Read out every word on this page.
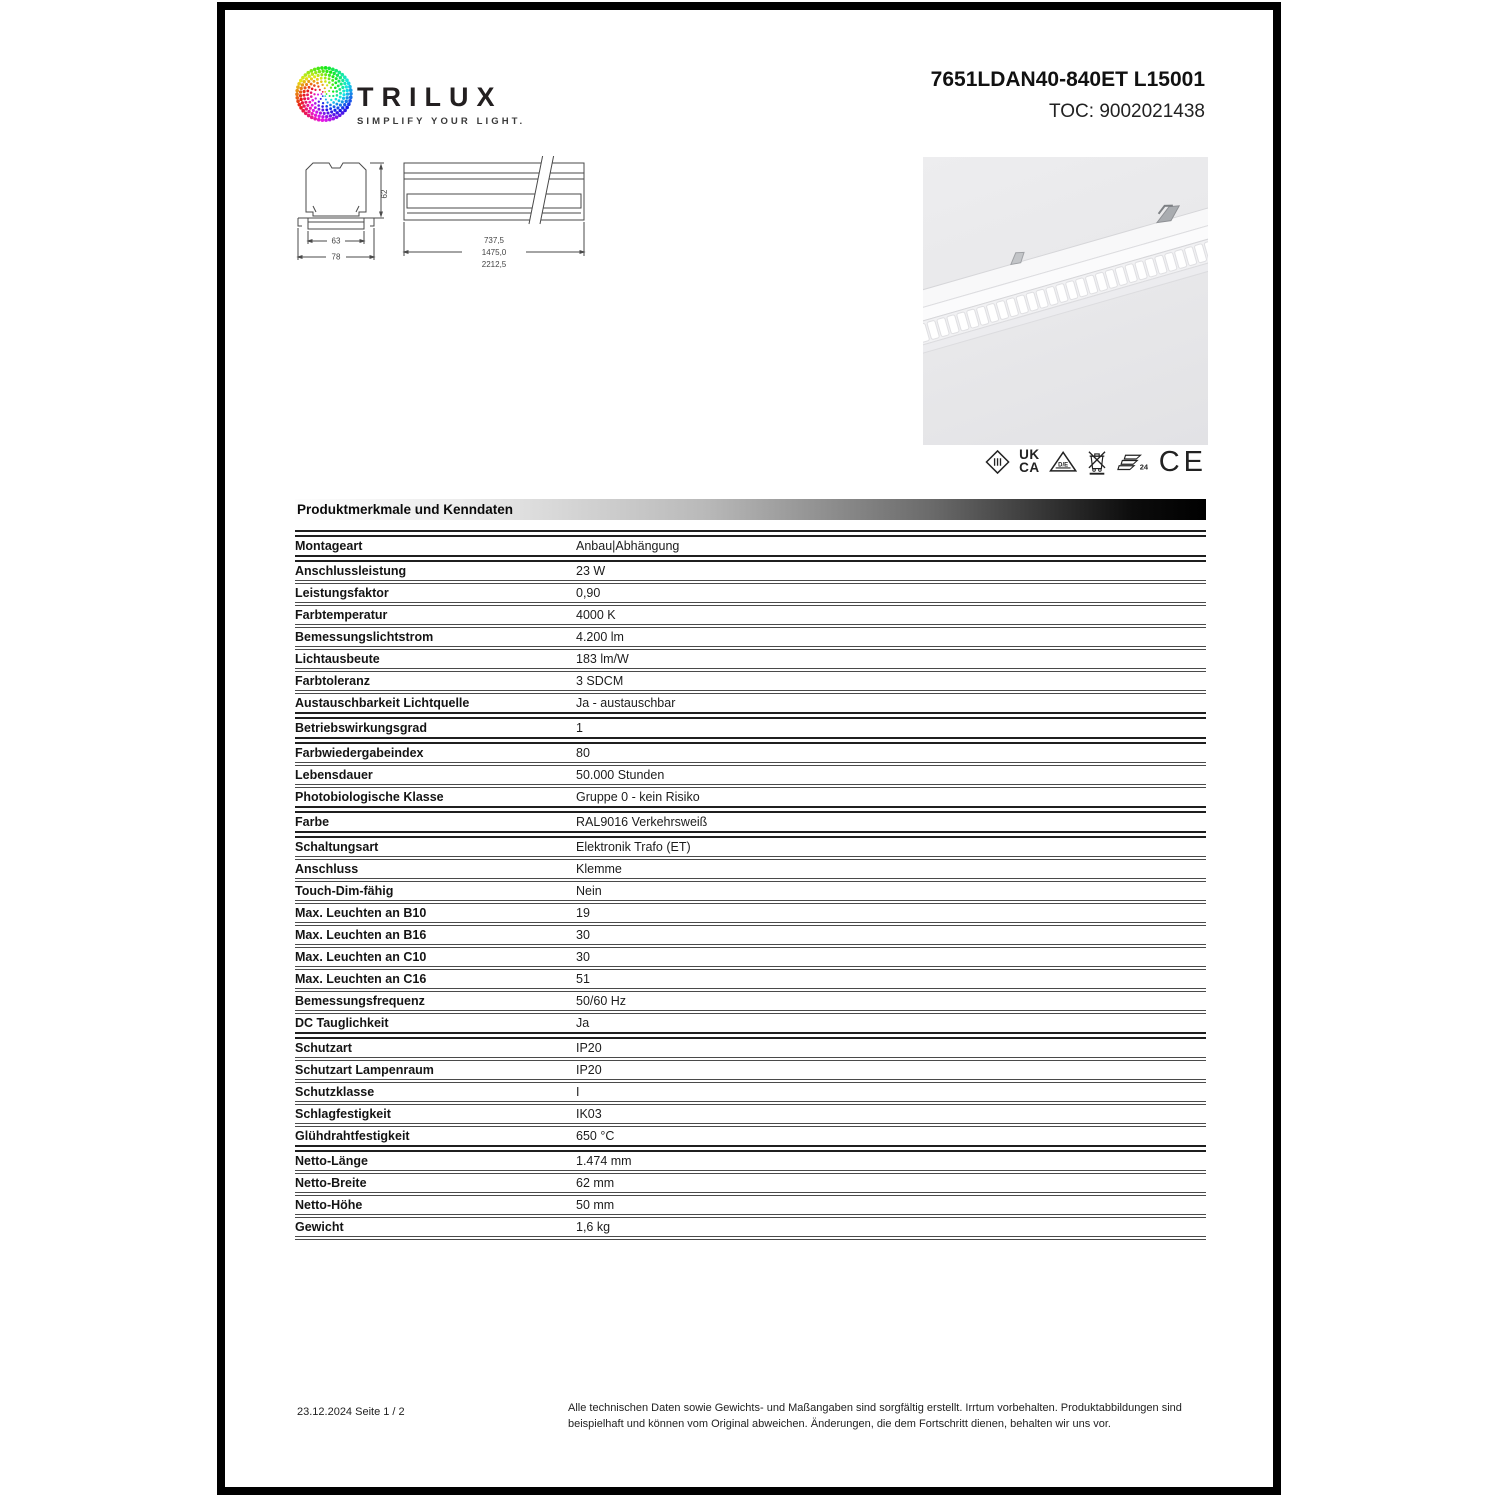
TRILUX
SIMPLIFY YOUR LIGHT.
7651LDAN40-840ET L15001
TOC: 9002021438
62
63
78
737,5
1475,0
2212,5
UK
CA D/E	24 CE
Produktmerkmale und Kenndaten
Montageart	Anbau|Abhängung
Anschlussleistung	23 W
Leistungsfaktor	0,90
Farbtemperatur	4000 K
Bemessungslichtstrom	4.200 lm
Lichtausbeute	183 lm/W
Farbtoleranz	3 SDCM
Austauschbarkeit Lichtquelle	Ja - austauschbar
Betriebswirkungsgrad	1
Farbwiedergabeindex	80
Lebensdauer	50.000 Stunden
Photobiologische Klasse	Gruppe 0 - kein Risiko
Farbe	RAL9016 Verkehrsweiß
Schaltungsart	Elektronik Trafo (ET)
Anschluss	Klemme
Touch-Dim-fähig	Nein
Max. Leuchten an B10	19
Max. Leuchten an B16	30
Max. Leuchten an C10	30
Max. Leuchten an C16	51
Bemessungsfrequenz	50/60 Hz
DC Tauglichkeit	Ja
Schutzart	IP20
Schutzart Lampenraum	IP20
Schutzklasse	I
Schlagfestigkeit	IK03
Glühdrahtfestigkeit	650 °C
Netto-Länge	1.474 mm
Netto-Breite	62 mm
Netto-Höhe	50 mm
Gewicht	1,6 kg
23.12.2024 Seite 1 / 2	Alle technischen Daten sowie Gewichts- und Maßangaben sind sorgfältig erstellt. Irrtum vorbehalten. Produktabbildungen sind beispielhaft und können vom Original abweichen. Änderungen, die dem Fortschritt dienen, behalten wir uns vor.
